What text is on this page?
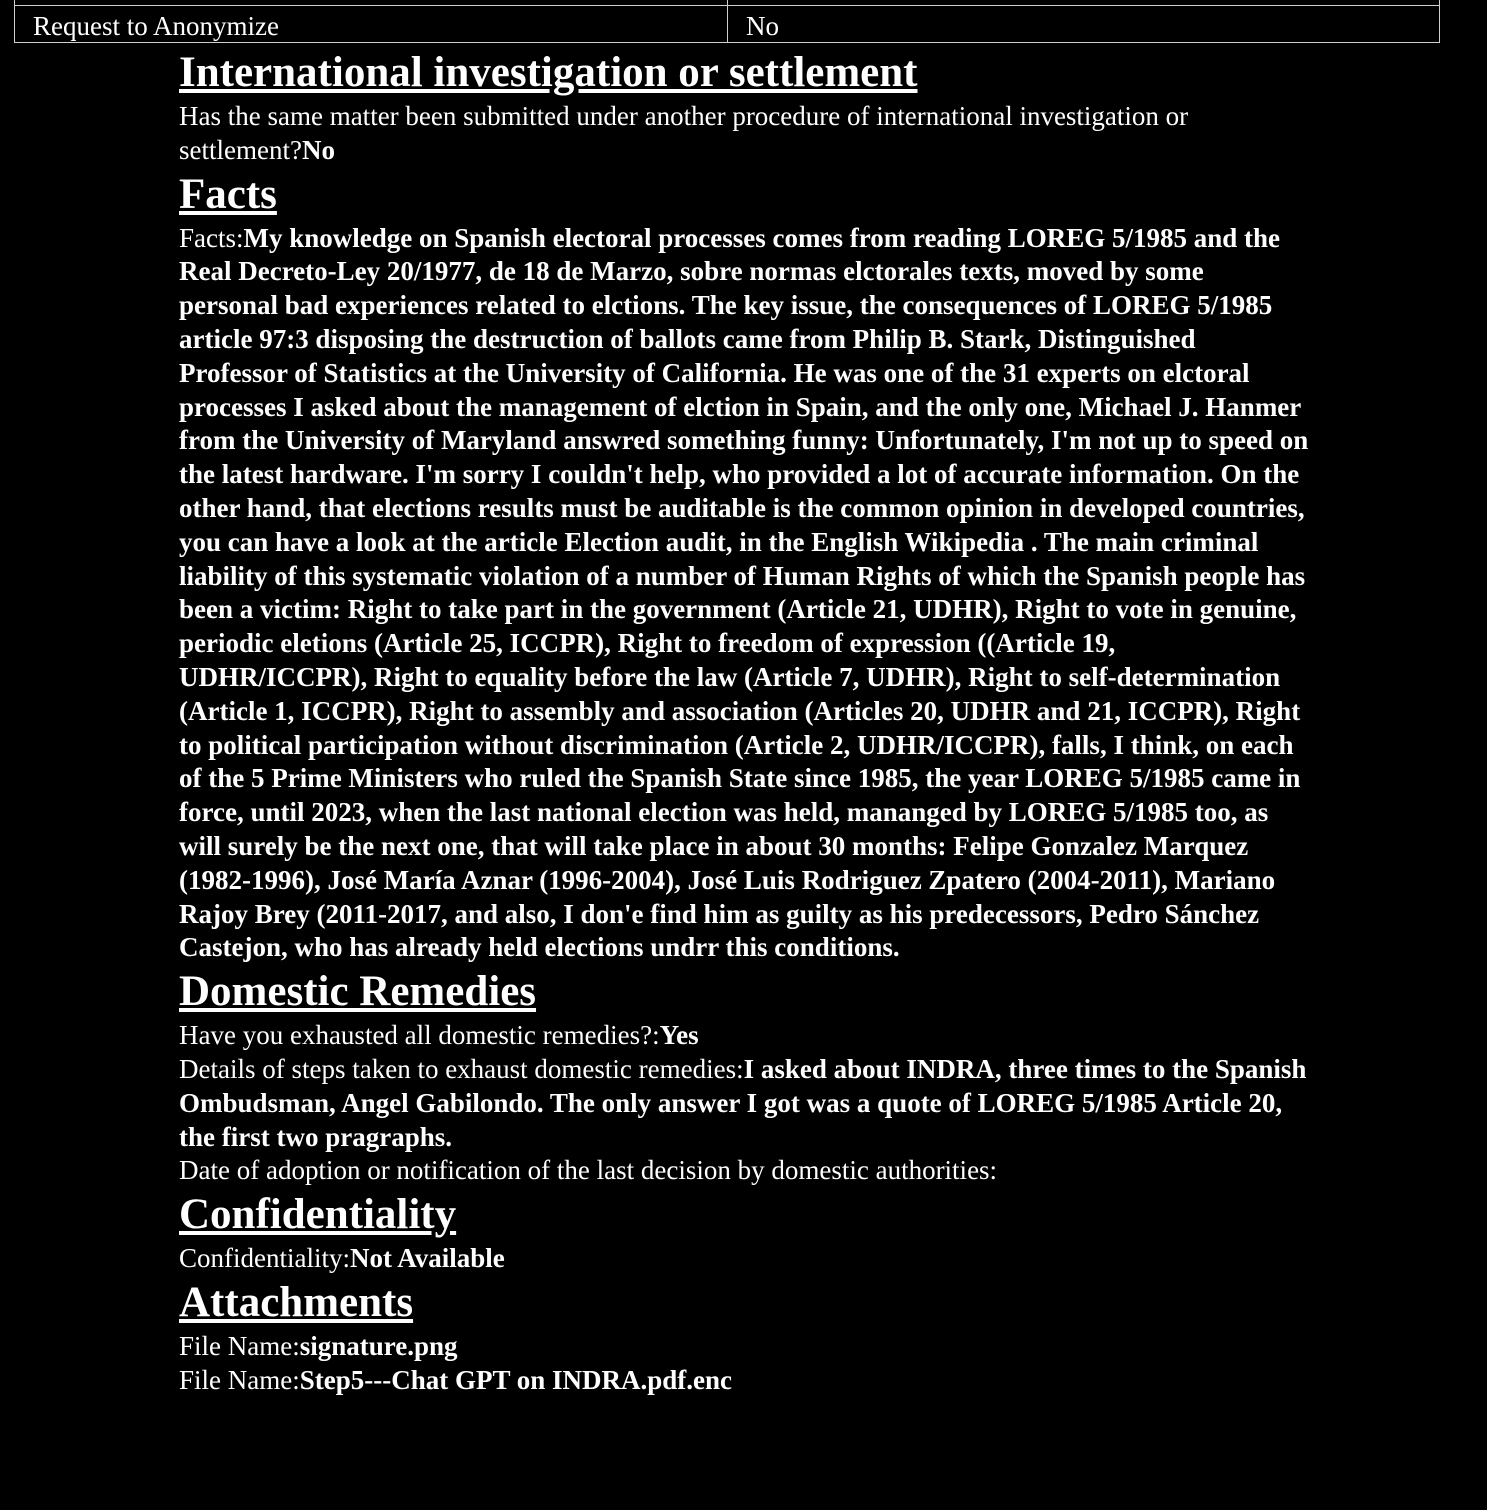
Request to Anonymize	No
International investigation or settlement

Has the same matter been submitted under another procedure of international investigation or settlement?No

Facts

Facts:My knowledge on Spanish electoral processes comes from reading LOREG 5/1985 and the Real Decreto-Ley 20/1977, de 18 de Marzo, sobre normas elctorales texts, moved by some personal bad experiences related to elctions. The key issue, the consequences of LOREG 5/1985 article 97:3 disposing the destruction of ballots came from Philip B. Stark, Distinguished Professor of Statistics at the University of California. He was one of the 31 experts on elctoral processes I asked about the management of elction in Spain, and the only one, Michael J. Hanmer from the University of Maryland answred something funny: Unfortunately, I'm not up to speed on the latest hardware. I'm sorry I couldn't help, who provided a lot of accurate information. On the other hand, that elections results must be auditable is the common opinion in developed countries, you can have a look at the article Election audit, in the English Wikipedia . The main criminal liability of this systematic violation of a number of Human Rights of which the Spanish people has been a victim: Right to take part in the government (Article 21, UDHR), Right to vote in genuine, periodic eletions (Article 25, ICCPR), Right to freedom of expression ((Article 19, UDHR/ICCPR), Right to equality before the law (Article 7, UDHR), Right to self-determination (Article 1, ICCPR), Right to assembly and association (Articles 20, UDHR and 21, ICCPR), Right to political participation without discrimination (Article 2, UDHR/ICCPR), falls, I think, on each of the 5 Prime Ministers who ruled the Spanish State since 1985, the year LOREG 5/1985 came in force, until 2023, when the last national election was held, mananged by LOREG 5/1985 too, as will surely be the next one, that will take place in about 30 months: Felipe Gonzalez Marquez (1982-1996), José María Aznar (1996-2004), José Luis Rodriguez Zpatero (2004-2011), Mariano Rajoy Brey (2011-2017, and also, I don'e find him as guilty as his predecessors, Pedro Sánchez Castejon, who has already held elections undrr this conditions.

Domestic Remedies

Have you exhausted all domestic remedies?:Yes

Details of steps taken to exhaust domestic remedies:I asked about INDRA, three times to the Spanish Ombudsman, Angel Gabilondo. The only answer I got was a quote of LOREG 5/1985 Article 20, the first two pragraphs.

Date of adoption or notification of the last decision by domestic authorities:

Confidentiality

Confidentiality:Not Available

Attachments

File Name:signature.png

File Name:Step5---Chat GPT on INDRA.pdf.enc
